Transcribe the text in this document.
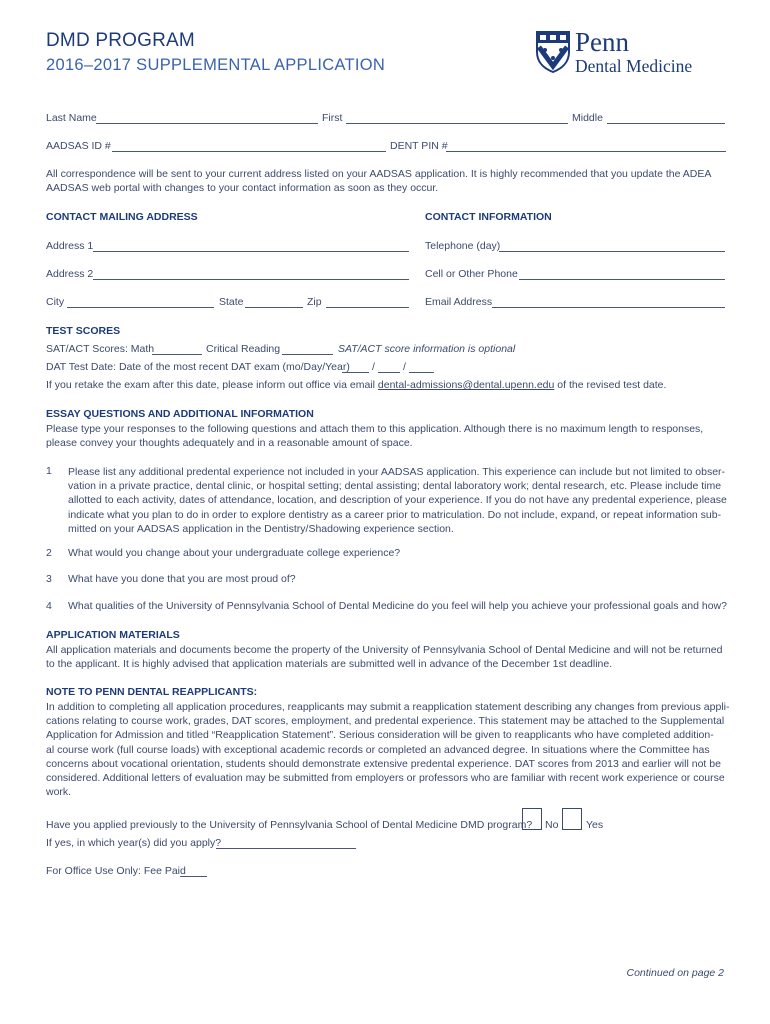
DMD PROGRAM
2016–2017 SUPPLEMENTAL APPLICATION
Penn
Dental Medicine
Last Name	First	Middle
AADSAS ID #	DENT PIN #
All correspondence will be sent to your current address listed on your AADSAS application. It is highly recommended that you update the ADEA AADSAS web portal with changes to your contact information as soon as they occur.
CONTACT MAILING ADDRESS	CONTACT INFORMATION
Address 1	Telephone (day)
Address 2	Cell or Other Phone
City	State	Zip	Email Address
TEST SCORES
SAT/ACT Scores: Math	Critical Reading	SAT/ACT score information is optional
DAT Test Date: Date of the most recent DAT exam (mo/Day/Year) /	/
If you retake the exam after this date, please inform out office via email dental-admissions@dental.upenn.edu of the revised test date.
ESSAY QUESTIONS AND ADDITIONAL INFORMATION
Please type your responses to the following questions and attach them to this application. Although there is no maximum length to responses, please convey your thoughts adequately and in a reasonable amount of space.
1 Please list any additional predental experience not included in your AADSAS application. This experience can include but not limited to obser-
vation in a private practice, dental clinic, or hospital setting; dental assisting; dental laboratory work; dental research, etc. Please include time
allotted to each activity, dates of attendance, location, and description of your experience. If you do not have any predental experience, please
indicate what you plan to do in order to explore dentistry as a career prior to matriculation. Do not include, expand, or repeat information sub-
mitted on your AADSAS application in the Dentistry/Shadowing experience section.
2 What would you change about your undergraduate college experience?
3 What have you done that you are most proud of?
4 What qualities of the University of Pennsylvania School of Dental Medicine do you feel will help you achieve your professional goals and how?
APPLICATION MATERIALS
All application materials and documents become the property of the University of Pennsylvania School of Dental Medicine and will not be returned
to the applicant. It is highly advised that application materials are submitted well in advance of the December 1st deadline.
NOTE TO PENN DENTAL REAPPLICANTS:
In addition to completing all application procedures, reapplicants may submit a reapplication statement describing any changes from previous appli-
cations relating to course work, grades, DAT scores, employment, and predental experience. This statement may be attached to the Supplemental
Application for Admission and titled “Reapplication Statement”. Serious consideration will be given to reapplicants who have completed addition-
al course work (full course loads) with exceptional academic records or completed an advanced degree. In situations where the Committee has
concerns about vocational orientation, students should demonstrate extensive predental experience. DAT scores from 2013 and earlier will not be
considered. Additional letters of evaluation may be submitted from employers or professors who are familiar with recent work experience or course
work.
Have you applied previously to the University of Pennsylvania School of Dental Medicine DMD program? No	Yes
If yes, in which year(s) did you apply?
For Office Use Only: Fee Paid
Continued on page 2
